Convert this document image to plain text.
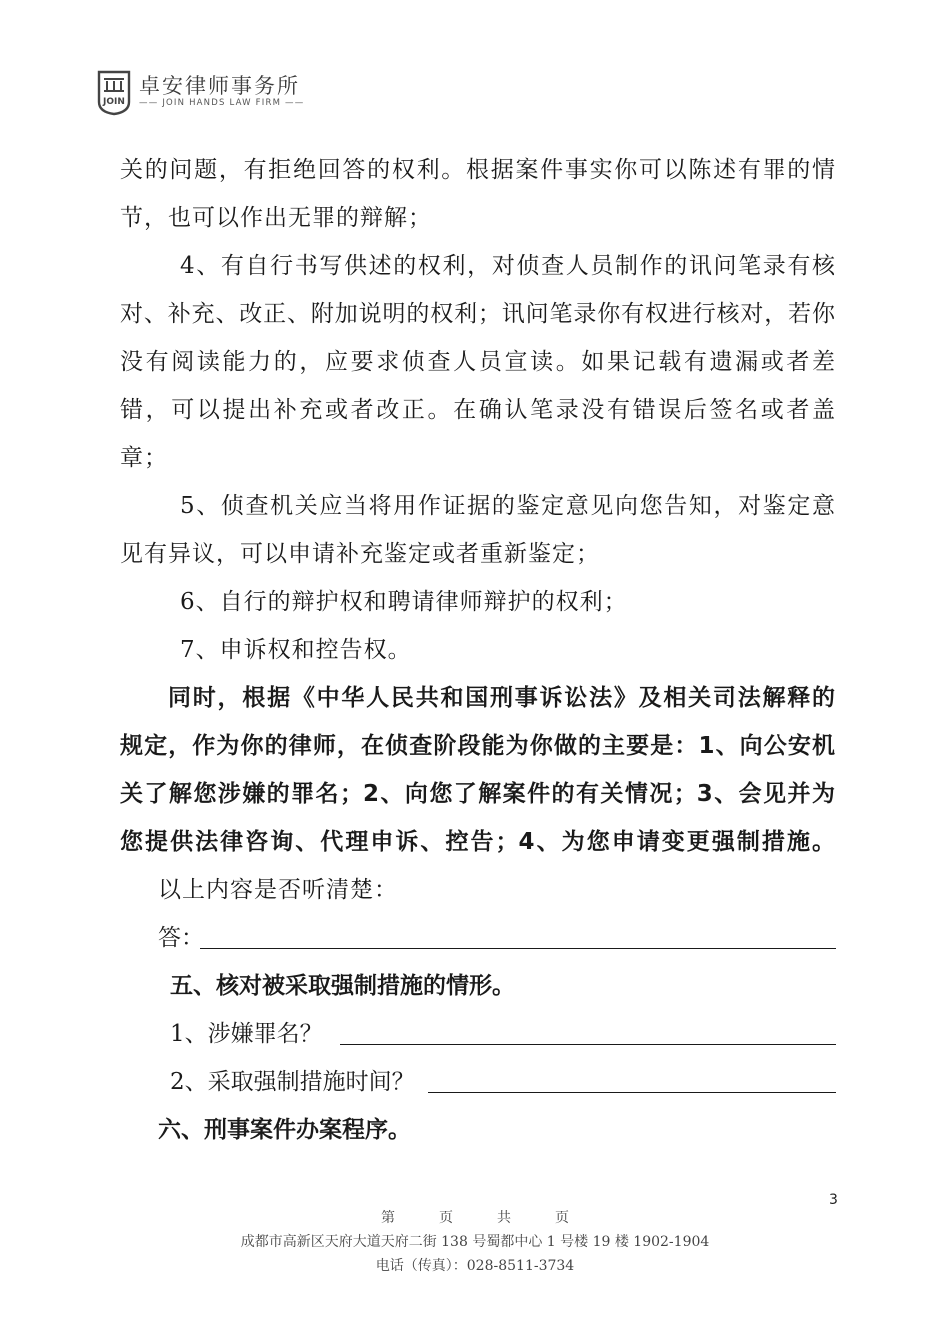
JOIN
卓安律师事务所
—— JOIN HANDS LAW FIRM ——
关的问题，有拒绝回答的权利。根据案件事实你可以陈述有罪的情
节，也可以作出无罪的辩解；
4、有自行书写供述的权利，对侦查人员制作的讯问笔录有核
对、补充、改正、附加说明的权利；讯问笔录你有权进行核对，若你
没有阅读能力的，应要求侦查人员宣读。如果记载有遗漏或者差
错，可以提出补充或者改正。在确认笔录没有错误后签名或者盖
章；
5、侦查机关应当将用作证据的鉴定意见向您告知，对鉴定意
见有异议，可以申请补充鉴定或者重新鉴定；
6、自行的辩护权和聘请律师辩护的权利；
7、申诉权和控告权。
同时，根据《中华人民共和国刑事诉讼法》及相关司法解释的
规定，作为你的律师，在侦查阶段能为你做的主要是：1、向公安机
关了解您涉嫌的罪名；2、向您了解案件的有关情况；3、会见并为
您提供法律咨询、代理申诉、控告；4、为您申请变更强制措施。
以上内容是否听清楚：
答：
五、核对被采取强制措施的情形。
1、涉嫌罪名？
2、采取强制措施时间？
六、刑事案件办案程序。
3
第	页	共	页
成都市高新区天府大道天府二街 138 号蜀都中心 1 号楼 19 楼 1902-1904
电话（传真）：028-8511-3734
